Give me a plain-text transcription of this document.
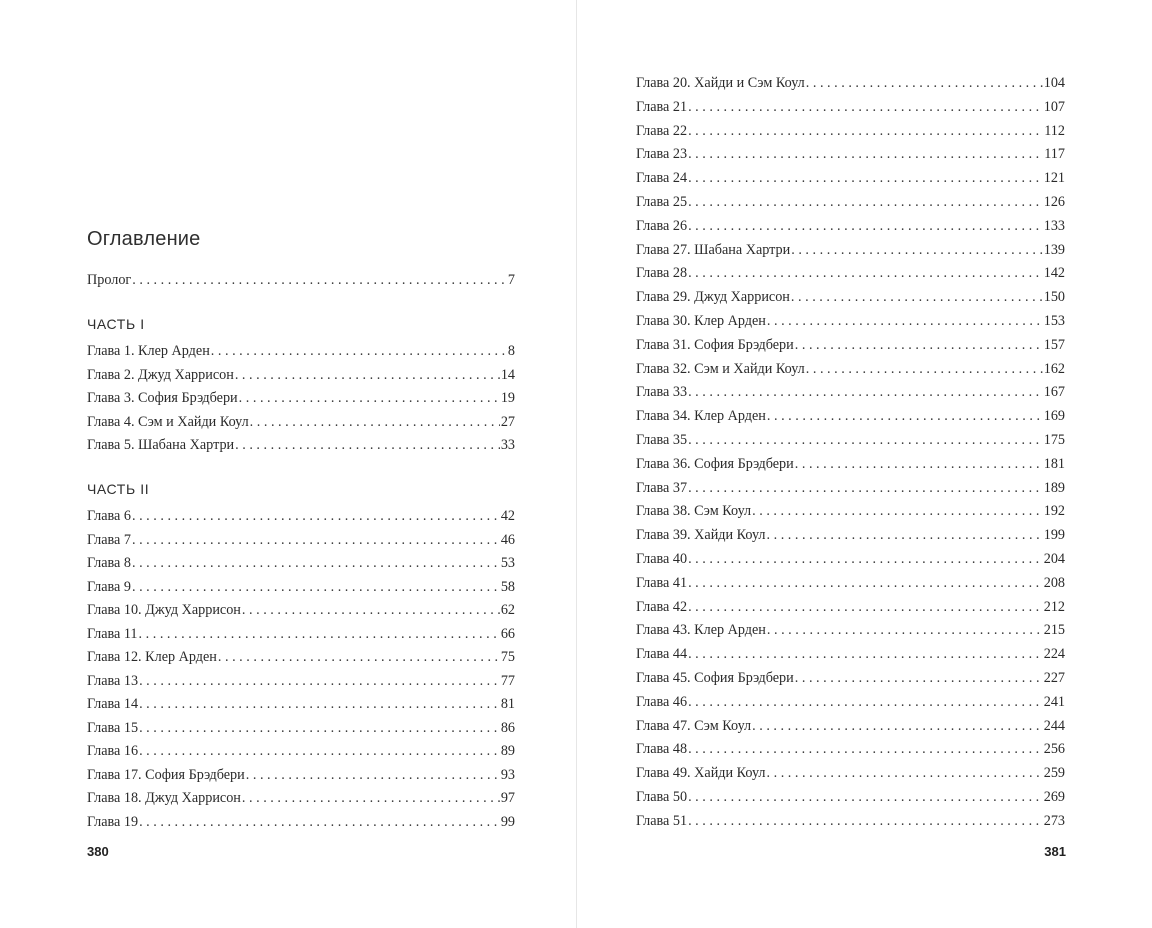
Оглавление
Пролог . . .	7
ЧАСТЬ I
Глава 1. Клер Арден . . .	8
Глава 2. Джуд Харрисон . . .	14
Глава 3. София Брэдбери . . .	19
Глава 4. Сэм и Хайди Коул . . .	27
Глава 5. Шабана Хартри . . .	33
ЧАСТЬ II
Глава 6 . . .	42
Глава 7 . . .	46
Глава 8 . . .	53
Глава 9 . . .	58
Глава 10. Джуд Харрисон . . .	62
Глава 11 . . .	66
Глава 12. Клер Арден . . .	75
Глава 13 . . .	77
Глава 14 . . .	81
Глава 15 . . .	86
Глава 16 . . .	89
Глава 17. София Брэдбери . . .	93
Глава 18. Джуд Харрисон . . .	97
Глава 19 . . .	99
380
Глава 20. Хайди и Сэм Коул . . .	104
Глава 21 . . .	107
Глава 22 . . .	112
Глава 23 . . .	117
Глава 24 . . .	121
Глава 25 . . .	126
Глава 26 . . .	133
Глава 27. Шабана Хартри . . .	139
Глава 28 . . .	142
Глава 29. Джуд Харрисон . . .	150
Глава 30. Клер Арден . . .	153
Глава 31. София Брэдбери . . .	157
Глава 32. Сэм и Хайди Коул . . .	162
Глава 33 . . .	167
Глава 34. Клер Арден . . .	169
Глава 35 . . .	175
Глава 36. София Брэдбери . . .	181
Глава 37 . . .	189
Глава 38. Сэм Коул . . .	192
Глава 39. Хайди Коул . . .	199
Глава 40 . . .	204
Глава 41 . . .	208
Глава 42 . . .	212
Глава 43. Клер Арден . . .	215
Глава 44 . . .	224
Глава 45. София Брэдбери . . .	227
Глава 46 . . .	241
Глава 47. Сэм Коул . . .	244
Глава 48 . . .	256
Глава 49. Хайди Коул . . .	259
Глава 50 . . .	269
Глава 51 . . .	273
381
